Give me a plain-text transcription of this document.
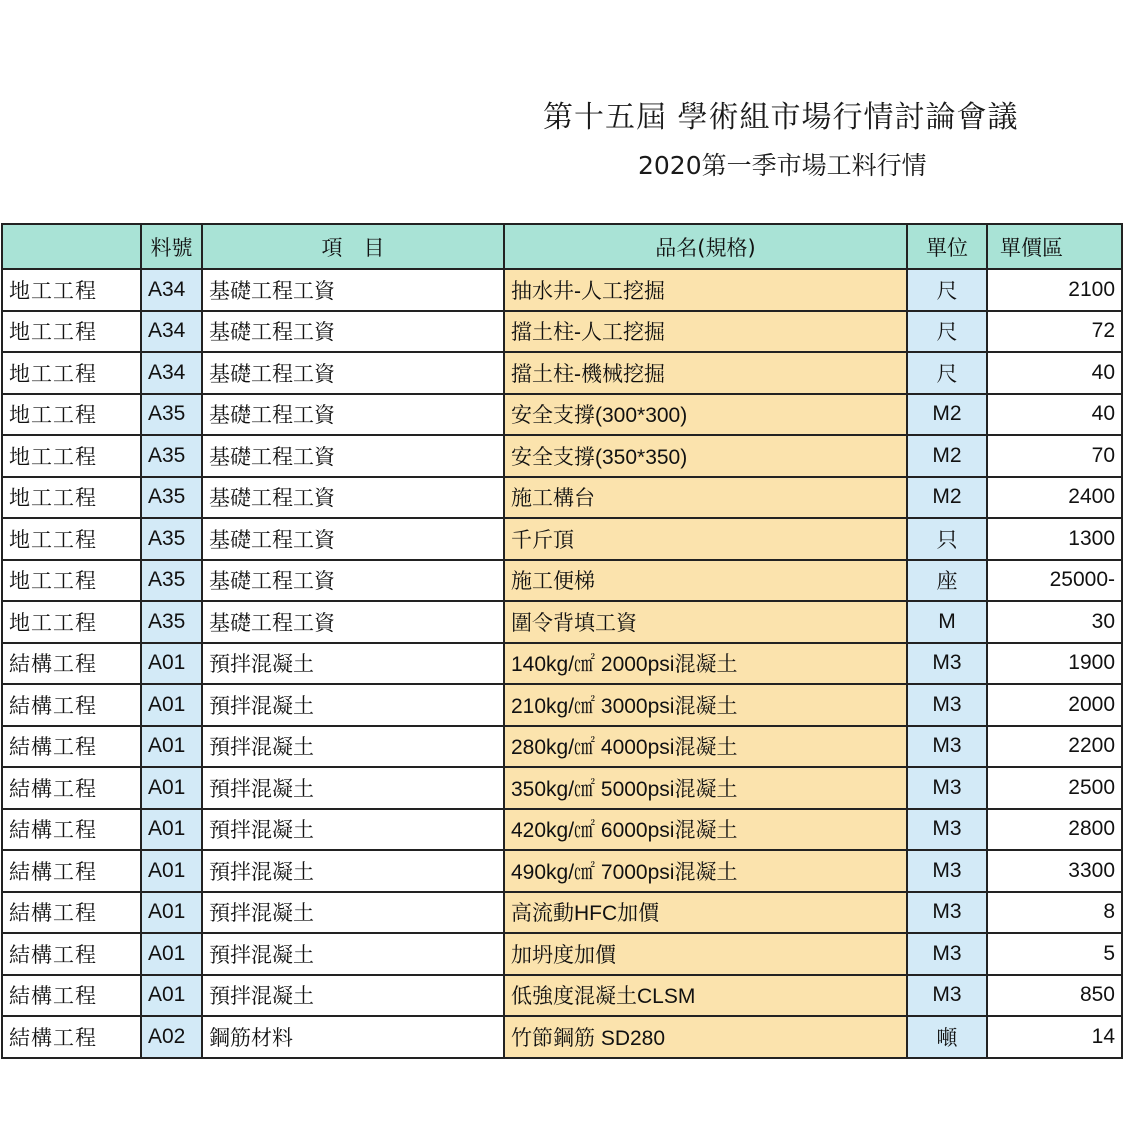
第十五屆 學術組市場行情討論會議
2020第一季市場工料行情
	料號	項　目	品名(規格)	單位	單價區
地工工程	A34	基礎工程工資	抽水井-人工挖掘	尺	2100
地工工程	A34	基礎工程工資	擋土柱-人工挖掘	尺	72
地工工程	A34	基礎工程工資	擋土柱-機械挖掘	尺	40
地工工程	A35	基礎工程工資	安全支撐(300*300)	M2	40
地工工程	A35	基礎工程工資	安全支撐(350*350)	M2	70
地工工程	A35	基礎工程工資	施工構台	M2	2400
地工工程	A35	基礎工程工資	千斤頂	只	1300
地工工程	A35	基礎工程工資	施工便梯	座	25000-
地工工程	A35	基礎工程工資	圍令背填工資	M	30
結構工程	A01	預拌混凝土	140kg/㎠ 2000psi混凝土	M3	1900
結構工程	A01	預拌混凝土	210kg/㎠ 3000psi混凝土	M3	2000
結構工程	A01	預拌混凝土	280kg/㎠ 4000psi混凝土	M3	2200
結構工程	A01	預拌混凝土	350kg/㎠ 5000psi混凝土	M3	2500
結構工程	A01	預拌混凝土	420kg/㎠ 6000psi混凝土	M3	2800
結構工程	A01	預拌混凝土	490kg/㎠ 7000psi混凝土	M3	3300
結構工程	A01	預拌混凝土	高流動HFC加價	M3	8
結構工程	A01	預拌混凝土	加坍度加價	M3	5
結構工程	A01	預拌混凝土	低強度混凝土CLSM	M3	850
結構工程	A02	鋼筋材料	竹節鋼筋 SD280	噸	14
